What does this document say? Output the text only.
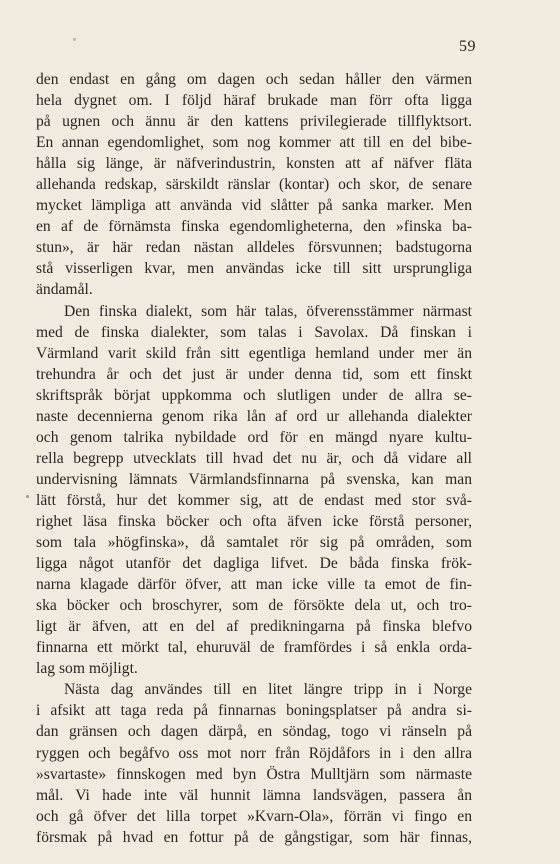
59
den endast en gång om dagen och sedan håller den värmen
hela dygnet om. I följd häraf brukade man förr ofta ligga
på ugnen och ännu är den kattens privilegierade tillflyktsort.
En annan egendomlighet, som nog kommer att till en del bibe-
hålla sig länge, är näfverindustrin, konsten att af näfver fläta
allehanda redskap, särskildt ränslar (kontar) och skor, de senare
mycket lämpliga att använda vid slåtter på sanka marker. Men
en af de förnämsta finska egendomligheterna, den »finska ba-
stun», är här redan nästan alldeles försvunnen; badstugorna
stå visserligen kvar, men användas icke till sitt ursprungliga
ändamål.
Den finska dialekt, som här talas, öfverensstämmer närmast
med de finska dialekter, som talas i Savolax. Då finskan i
Värmland varit skild från sitt egentliga hemland under mer än
trehundra år och det just är under denna tid, som ett finskt
skriftspråk börjat uppkomma och slutligen under de allra se-
naste decennierna genom rika lån af ord ur allehanda dialekter
och genom talrika nybildade ord för en mängd nyare kultu-
rella begrepp utvecklats till hvad det nu är, och då vidare all
undervisning lämnats Värmlandsfinnarna på svenska, kan man
lätt förstå, hur det kommer sig, att de endast med stor svå-
righet läsa finska böcker och ofta äfven icke förstå personer,
som tala »högfinska», då samtalet rör sig på områden, som
ligga något utanför det dagliga lifvet. De båda finska frök-
narna klagade därför öfver, att man icke ville ta emot de fin-
ska böcker och broschyrer, som de försökte dela ut, och tro-
ligt är äfven, att en del af predikningarna på finska blefvo
finnarna ett mörkt tal, ehuruväl de framfördes i så enkla orda-
lag som möjligt.
Nästa dag användes till en litet längre tripp in i Norge
i afsikt att taga reda på finnarnas boningsplatser på andra si-
dan gränsen och dagen därpå, en söndag, togo vi ränseln på
ryggen och begåfvo oss mot norr från Röjdåfors in i den allra
»svartaste» finnskogen med byn Östra Mulltjärn som närmaste
mål. Vi hade inte väl hunnit lämna landsvägen, passera ån
och gå öfver det lilla torpet »Kvarn-Ola», förrän vi fingo en
försmak på hvad en fottur på de gångstigar, som här finnas,
